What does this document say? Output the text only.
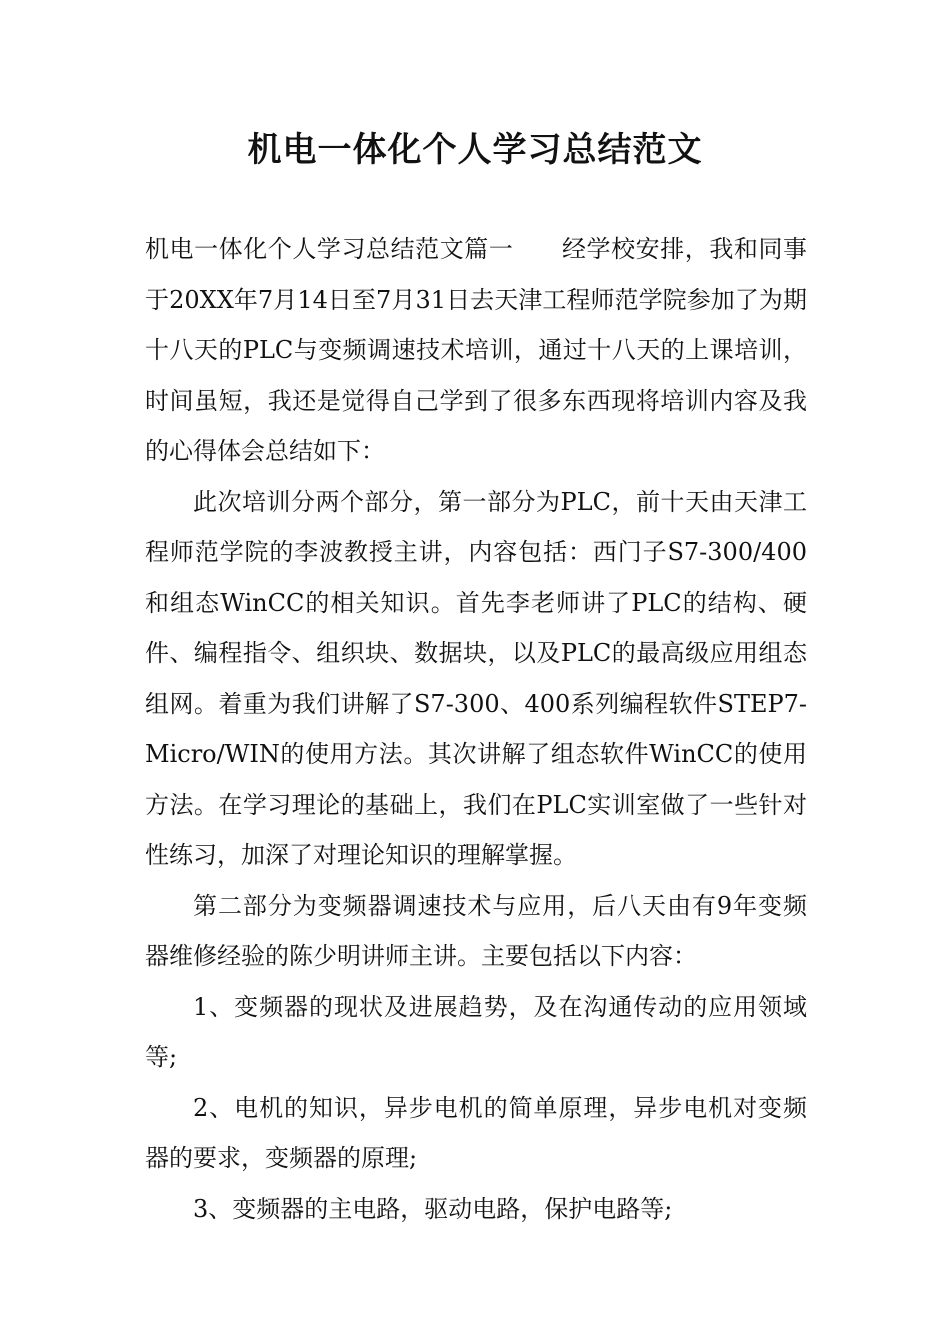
机电一体化个人学习总结范文

机电一体化个人学习总结范文篇一 经学校安排，我和同事于20XX年7月14日至7月31日去天津工程师范学院参加了为期十八天的PLC与变频调速技术培训，通过十八天的上课培训，时间虽短，我还是觉得自己学到了很多东西现将培训内容及我的心得体会总结如下：

此次培训分两个部分，第一部分为PLC，前十天由天津工程师范学院的李波教授主讲，内容包括：西门子S7-300/400和组态WinCC的相关知识。首先李老师讲了PLC的结构、硬件、编程指令、组织块、数据块，以及PLC的最高级应用组态组网。着重为我们讲解了S7-300、400系列编程软件STEP7-Micro/WIN的使用方法。其次讲解了组态软件WinCC的使用方法。在学习理论的基础上，我们在PLC实训室做了一些针对性练习，加深了对理论知识的理解掌握。

第二部分为变频器调速技术与应用，后八天由有9年变频器维修经验的陈少明讲师主讲。主要包括以下内容：

1、变频器的现状及进展趋势，及在沟通传动的应用领域等;

2、电机的知识，异步电机的简单原理，异步电机对变频器的要求，变频器的原理;

3、变频器的主电路，驱动电路，保护电路等;
